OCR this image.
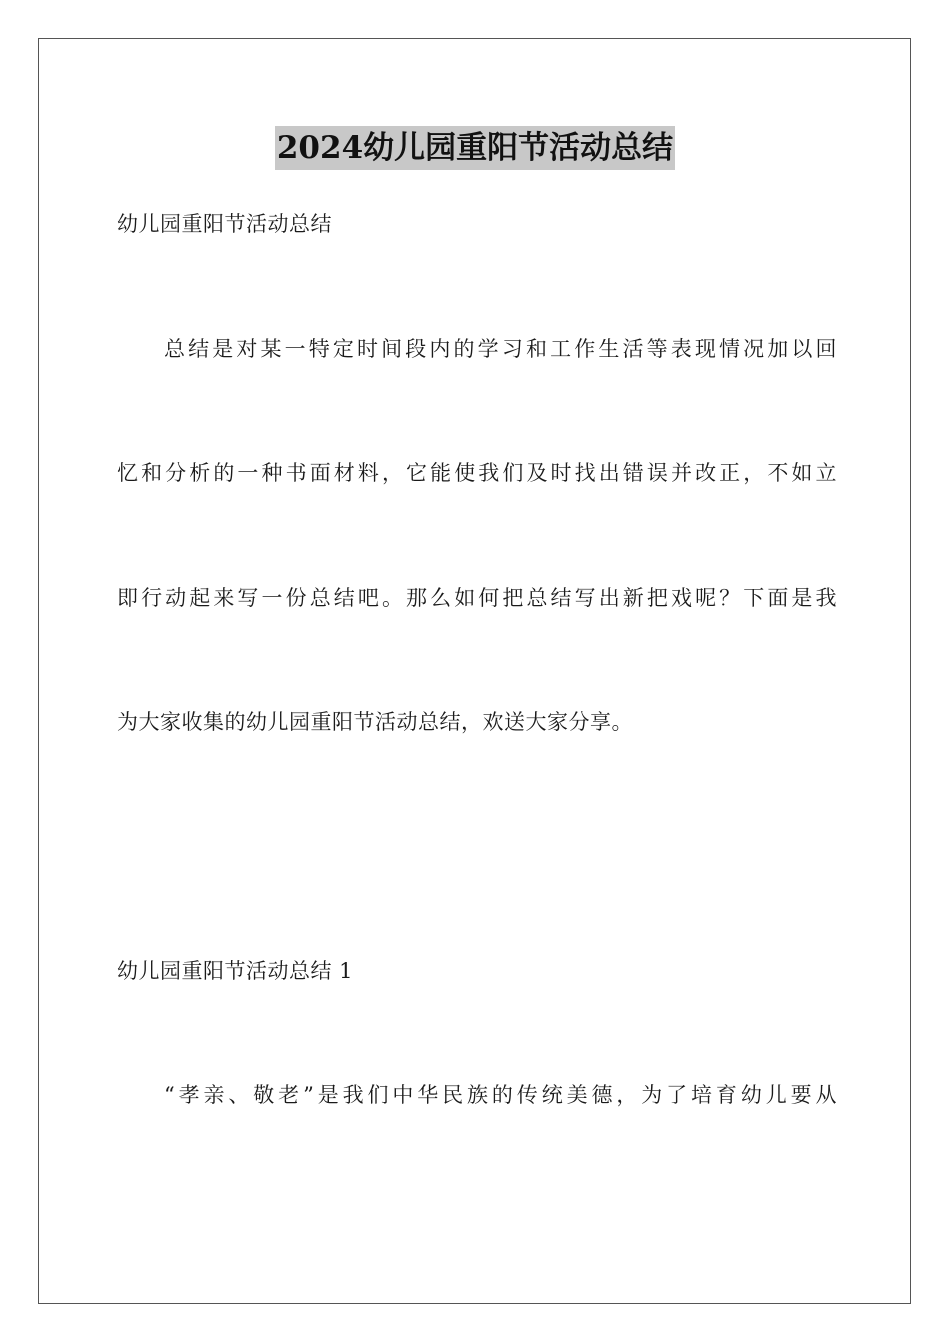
2024幼儿园重阳节活动总结
幼儿园重阳节活动总结
总结是对某一特定时间段内的学习和工作生活等表现情况加以回
忆和分析的一种书面材料，它能使我们及时找出错误并改正，不如立
即行动起来写一份总结吧。那么如何把总结写出新把戏呢？下面是我
为大家收集的幼儿园重阳节活动总结，欢送大家分享。
幼儿园重阳节活动总结 1
“孝亲、敬老”是我们中华民族的传统美德，为了培育幼儿要从
